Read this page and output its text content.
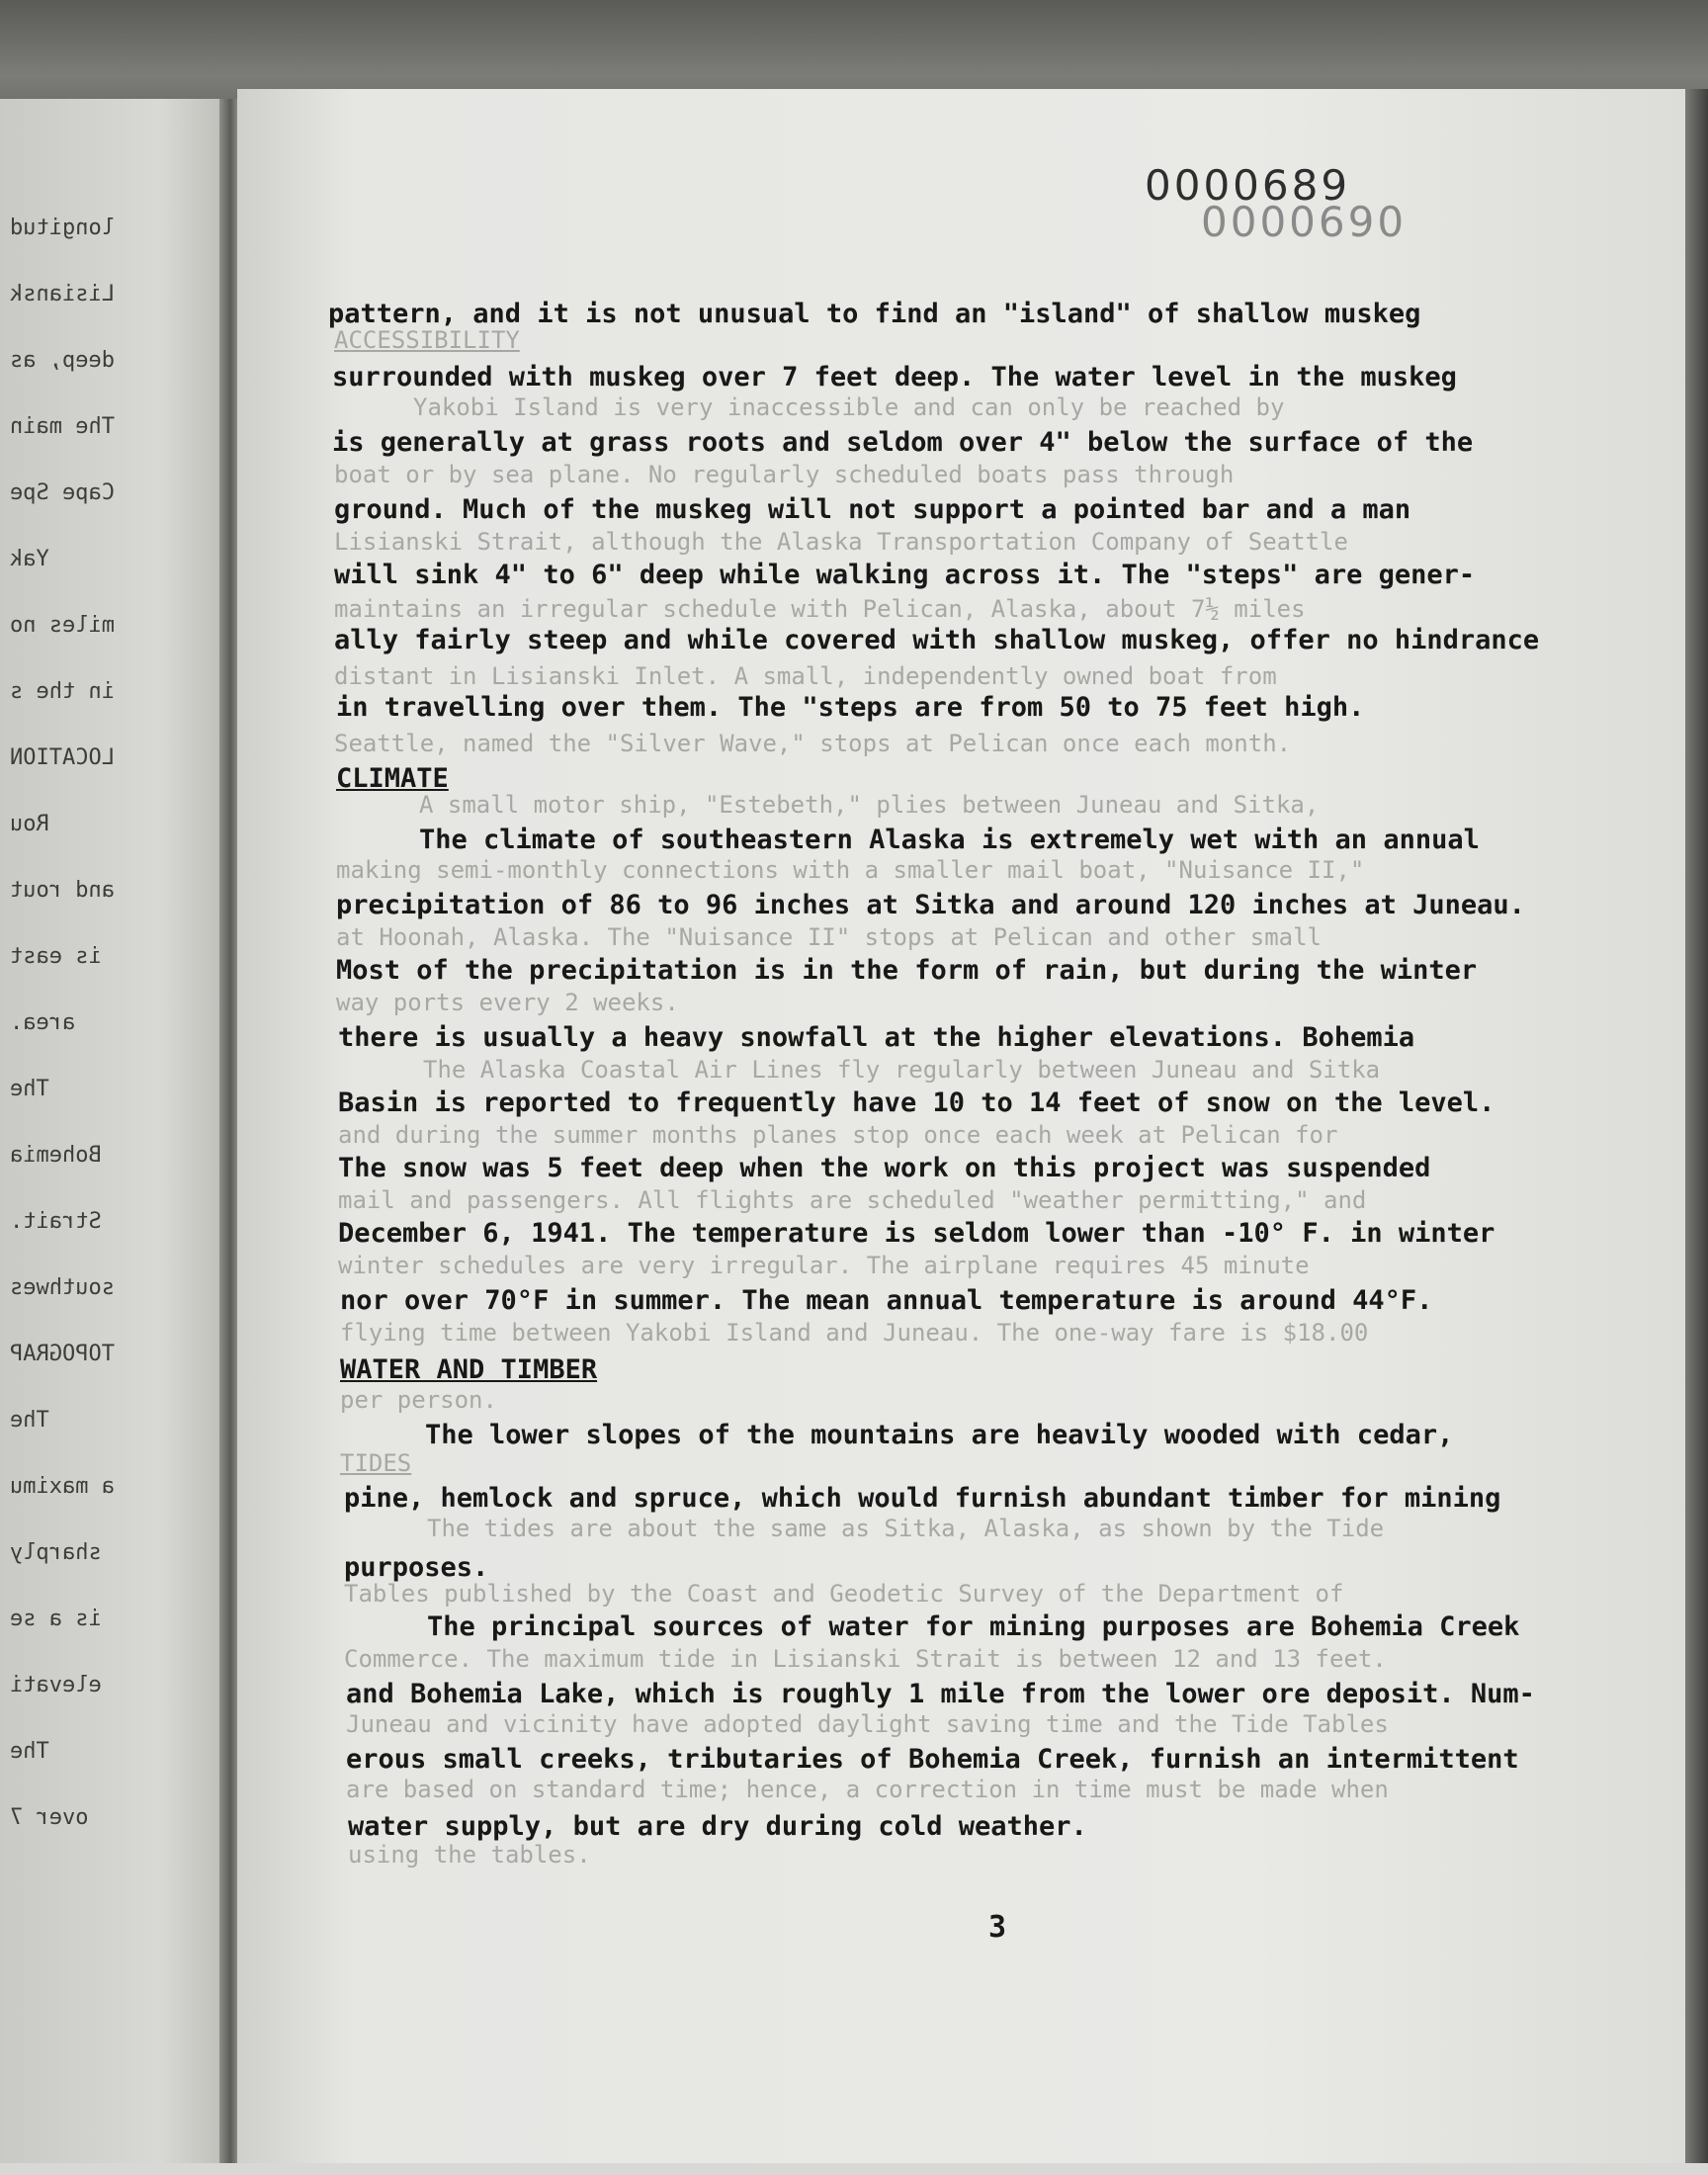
longitud
Lisiansk
deep, as
The main
Cape Spe
Yak
miles no
in the s
LOCATION
Rou
and rout
is east
area.
The
Bohemia
Strait.
southwes
TOPOGRAP
The
a maximu
sharply
is a se
elevati
The
over 7
0000689
0000690
ACCESSIBILITY
Yakobi Island is very inaccessible and can only be reached by
boat or by sea plane. No regularly scheduled boats pass through
Lisianski Strait, although the Alaska Transportation Company of Seattle
maintains an irregular schedule with Pelican, Alaska, about 7½ miles
distant in Lisianski Inlet. A small, independently owned boat from
Seattle, named the "Silver Wave," stops at Pelican once each month.
A small motor ship, "Estebeth," plies between Juneau and Sitka,
making semi-monthly connections with a smaller mail boat, "Nuisance II,"
at Hoonah, Alaska. The "Nuisance II" stops at Pelican and other small
way ports every 2 weeks.
The Alaska Coastal Air Lines fly regularly between Juneau and Sitka
and during the summer months planes stop once each week at Pelican for
mail and passengers. All flights are scheduled "weather permitting," and
winter schedules are very irregular. The airplane requires 45 minute
flying time between Yakobi Island and Juneau. The one-way fare is $18.00
per person.
TIDES
The tides are about the same as Sitka, Alaska, as shown by the Tide
Tables published by the Coast and Geodetic Survey of the Department of
Commerce. The maximum tide in Lisianski Strait is between 12 and 13 feet.
Juneau and vicinity have adopted daylight saving time and the Tide Tables
are based on standard time; hence, a correction in time must be made when
using the tables.
pattern, and it is not unusual to find an "island" of shallow muskeg
surrounded with muskeg over 7 feet deep. The water level in the muskeg
is generally at grass roots and seldom over 4" below the surface of the
ground. Much of the muskeg will not support a pointed bar and a man
will sink 4" to 6" deep while walking across it. The "steps" are gener-
ally fairly steep and while covered with shallow muskeg, offer no hindrance
in travelling over them. The "steps are from 50 to 75 feet high.
CLIMATE
The climate of southeastern Alaska is extremely wet with an annual
precipitation of 86 to 96 inches at Sitka and around 120 inches at Juneau.
Most of the precipitation is in the form of rain, but during the winter
there is usually a heavy snowfall at the higher elevations. Bohemia
Basin is reported to frequently have 10 to 14 feet of snow on the level.
The snow was 5 feet deep when the work on this project was suspended
December 6, 1941. The temperature is seldom lower than -10° F. in winter
nor over 70°F in summer. The mean annual temperature is around 44°F.
WATER AND TIMBER
The lower slopes of the mountains are heavily wooded with cedar,
pine, hemlock and spruce, which would furnish abundant timber for mining
purposes.
The principal sources of water for mining purposes are Bohemia Creek
and Bohemia Lake, which is roughly 1 mile from the lower ore deposit. Num-
erous small creeks, tributaries of Bohemia Creek, furnish an intermittent
water supply, but are dry during cold weather.
3
